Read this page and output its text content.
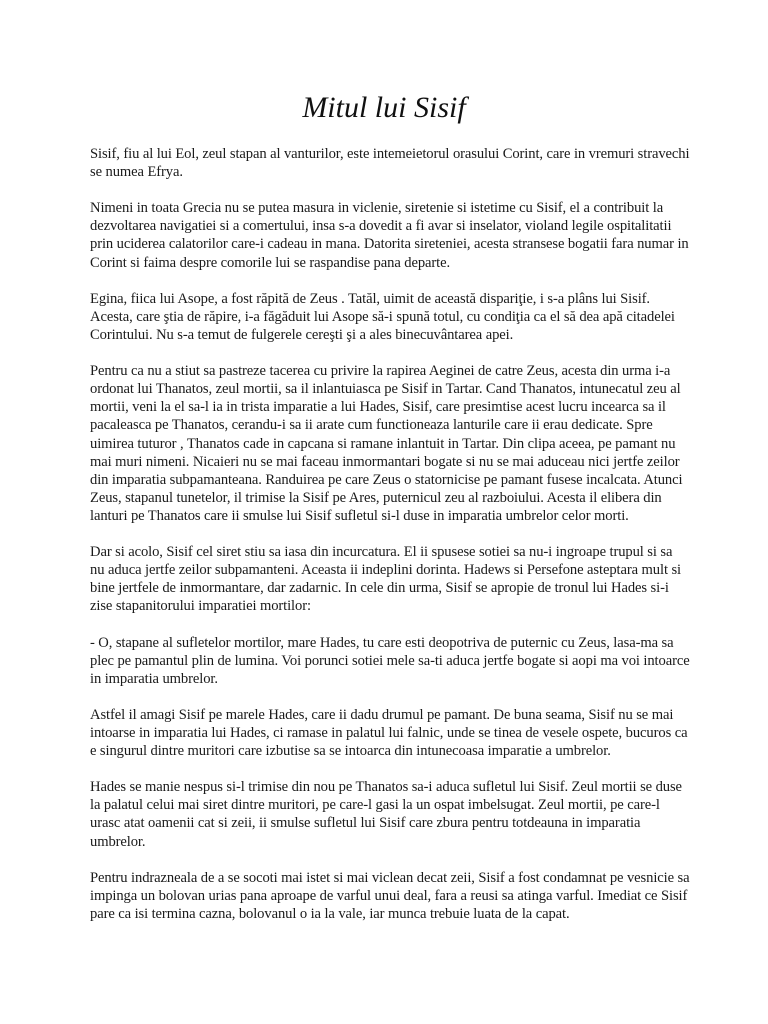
Mitul lui Sisif

Sisif, fiu al lui Eol, zeul stapan al vanturilor, este intemeietorul orasului Corint, care in vremuri stravechi se numea Efrya.

Nimeni in toata Grecia nu se putea masura in viclenie, siretenie si istetime cu Sisif, el a contribuit la dezvoltarea navigatiei si a comertului, insa s-a dovedit a fi avar si inselator, violand legile ospitalitatii prin uciderea calatorilor care-i cadeau in mana. Datorita sireteniei, acesta stransese bogatii fara numar in Corint si faima despre comorile lui se raspandise pana departe.

Egina, fiica lui Asope, a fost răpită de Zeus . Tatăl, uimit de această dispariţie, i s-a plâns lui Sisif. Acesta, care ştia de răpire, i-a făgăduit lui Asope să-i spună totul, cu condiţia ca el să dea apă citadelei Corintului. Nu s-a temut de fulgerele cereşti şi a ales binecuvântarea apei.

Pentru ca nu a stiut sa pastreze tacerea cu privire la rapirea Aeginei de catre Zeus, acesta din urma i-a ordonat lui Thanatos, zeul mortii, sa il inlantuiasca pe Sisif in Tartar. Cand Thanatos, intunecatul zeu al mortii, veni la el sa-l ia in trista imparatie a lui Hades, Sisif, care presimtise acest lucru incearca sa il pacaleasca pe Thanatos, cerandu-i sa ii arate cum functioneaza lanturile care ii erau dedicate. Spre uimirea tuturor , Thanatos cade in capcana si ramane inlantuit in Tartar. Din clipa aceea, pe pamant nu mai muri nimeni. Nicaieri nu se mai faceau inmormantari bogate si nu se mai aduceau nici jertfe zeilor din imparatia subpamanteana. Randuirea pe care Zeus o statornicise pe pamant fusese incalcata. Atunci Zeus, stapanul tunetelor, il trimise la Sisif pe Ares, puternicul zeu al razboiului. Acesta il elibera din lanturi pe Thanatos care ii smulse lui Sisif sufletul si-l duse in imparatia umbrelor celor morti.

Dar si acolo, Sisif cel siret stiu sa iasa din incurcatura. El ii spusese sotiei sa nu-i ingroape trupul si sa nu aduca jertfe zeilor subpamanteni. Aceasta ii indeplini dorinta. Hadews si Persefone asteptara mult si bine jertfele de inmormantare, dar zadarnic. In cele din urma, Sisif se apropie de tronul lui Hades si-i zise stapanitorului imparatiei mortilor:

- O, stapane al sufletelor mortilor, mare Hades, tu care esti deopotriva de puternic cu Zeus, lasa-ma sa plec pe pamantul plin de lumina. Voi porunci sotiei mele sa-ti aduca jertfe bogate si aopi ma voi intoarce in imparatia umbrelor.

Astfel il amagi Sisif pe marele Hades, care ii dadu drumul pe pamant. De buna seama, Sisif nu se mai intoarse in imparatia lui Hades, ci ramase in palatul lui falnic, unde se tinea de vesele ospete, bucuros ca e singurul dintre muritori care izbutise sa se intoarca din intunecoasa imparatie a umbrelor.

Hades se manie nespus si-l trimise din nou pe Thanatos sa-i aduca sufletul lui Sisif. Zeul mortii se duse la palatul celui mai siret dintre muritori, pe care-l gasi la un ospat imbelsugat. Zeul mortii, pe care-l urasc atat oamenii cat si zeii, ii smulse sufletul lui Sisif care zbura pentru totdeauna in imparatia umbrelor.

Pentru indrazneala de a se socoti mai istet si mai viclean decat zeii, Sisif a fost condamnat pe vesnicie sa impinga un bolovan urias pana aproape de varful unui deal, fara a reusi sa atinga varful. Imediat ce Sisif pare ca isi termina cazna, bolovanul o ia la vale, iar munca trebuie luata de la capat.
